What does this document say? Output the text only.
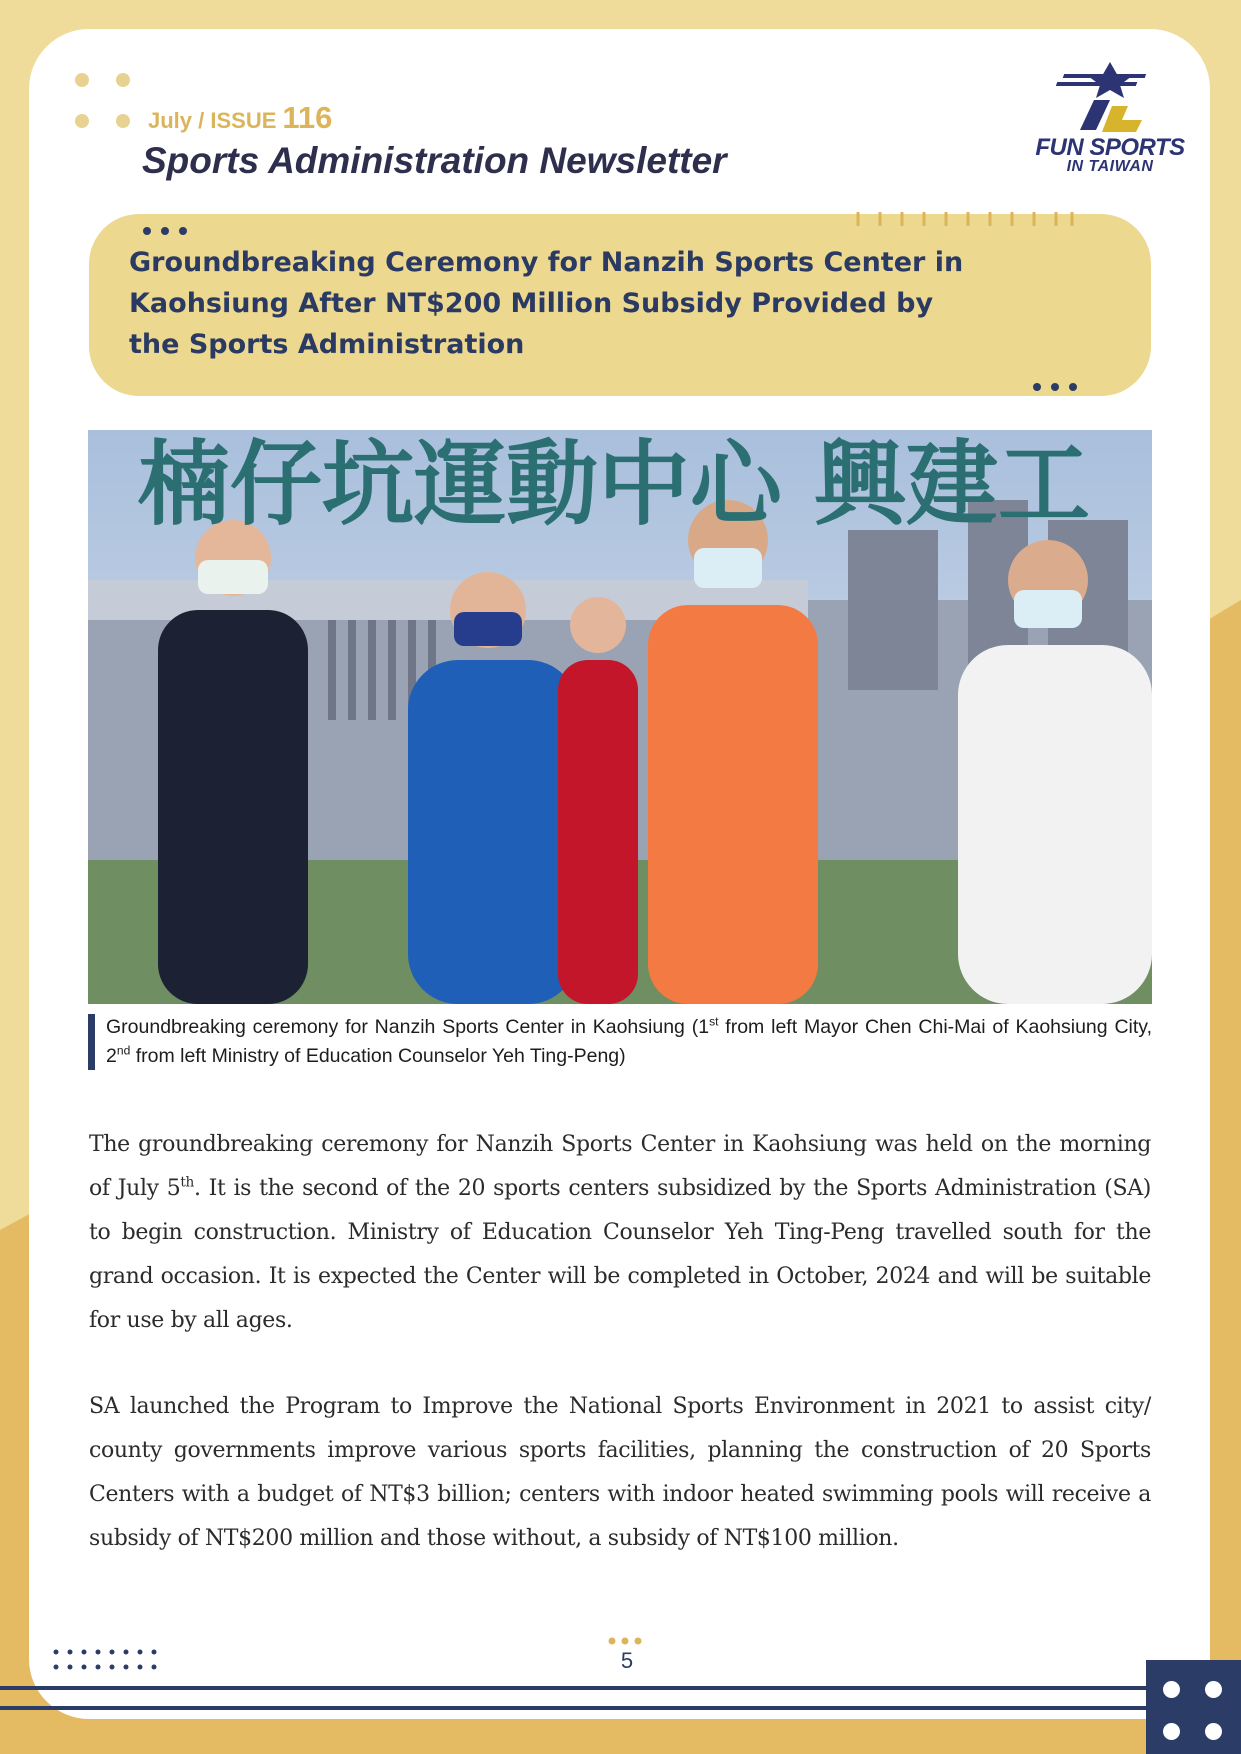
July / ISSUE 116
Sports Administration Newsletter	FUN SPORTS
IN TAIWAN
Groundbreaking Ceremony for Nanzih Sports Center in Kaohsiung After NT$200 Million Subsidy Provided by the Sports Administration
楠仔坑運動中心 興建工

Groundbreaking ceremony for Nanzih Sports Center in Kaohsiung (1st from left Mayor Chen Chi-Mai of Kaohsiung City, 2nd from left Ministry of Education Counselor Yeh Ting-Peng)

The groundbreaking ceremony for Nanzih Sports Center in Kaohsiung was held on the morning of July 5th. It is the second of the 20 sports centers subsidized by the Sports Administration (SA) to begin construction. Ministry of Education Counselor Yeh Ting-Peng travelled south for the grand occasion. It is expected the Center will be completed in October, 2024 and will be suitable for use by all ages.

SA launched the Program to Improve the National Sports Environment in 2021 to assist city/ county governments improve various sports facilities, planning the construction of 20 Sports Centers with a budget of NT$3 billion; centers with indoor heated swimming pools will receive a subsidy of NT$200 million and those without, a subsidy of NT$100 million.

5
